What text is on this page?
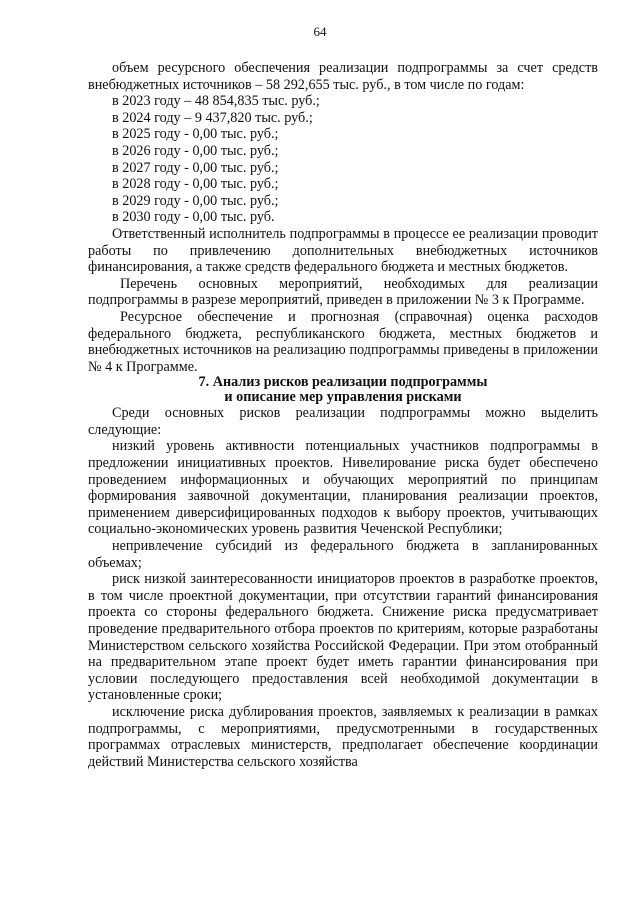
64

объем ресурсного обеспечения реализации подпрограммы за счет средств внебюджетных источников – 58 292,655 тыс. руб., в том числе по годам:

в 2023 году – 48 854,835 тыс. руб.;

в 2024 году – 9 437,820 тыс. руб.;

в 2025 году - 0,00 тыс. руб.;

в 2026 году - 0,00 тыс. руб.;

в 2027 году - 0,00 тыс. руб.;

в 2028 году - 0,00 тыс. руб.;

в 2029 году - 0,00 тыс. руб.;

в 2030 году - 0,00 тыс. руб.

Ответственный исполнитель подпрограммы в процессе ее реализации проводит работы по привлечению дополнительных внебюджетных источников финансирования, а также средств федерального бюджета и местных бюджетов.

Перечень основных мероприятий, необходимых для реализации подпрограммы в разрезе мероприятий, приведен в приложении № 3 к Программе.

Ресурсное обеспечение и прогнозная (справочная) оценка расходов федерального бюджета, республиканского бюджета, местных бюджетов и внебюджетных источников на реализацию подпрограммы приведены в приложении № 4 к Программе.

7. Анализ рисков реализации подпрограммы

и описание мер управления рисками

Среди основных рисков реализации подпрограммы можно выделить следующие:

низкий уровень активности потенциальных участников подпрограммы в предложении инициативных проектов. Нивелирование риска будет обеспечено проведением информационных и обучающих мероприятий по принципам формирования заявочной документации, планирования реализации проектов, применением диверсифицированных подходов к выбору проектов, учитывающих социально-экономических уровень развития Чеченской Республики;

непривлечение субсидий из федерального бюджета в запланированных объемах;

риск низкой заинтересованности инициаторов проектов в разработке проектов, в том числе проектной документации, при отсутствии гарантий финансирования проекта со стороны федерального бюджета. Снижение риска предусматривает проведение предварительного отбора проектов по критериям, которые разработаны Министерством сельского хозяйства Российской Федерации. При этом отобранный на предварительном этапе проект будет иметь гарантии финансирования при условии последующего предоставления всей необходимой документации в установленные сроки;

исключение риска дублирования проектов, заявляемых к реализации в рамках подпрограммы, с мероприятиями, предусмотренными в государственных программах отраслевых министерств, предполагает обеспечение координации действий Министерства сельского хозяйства
